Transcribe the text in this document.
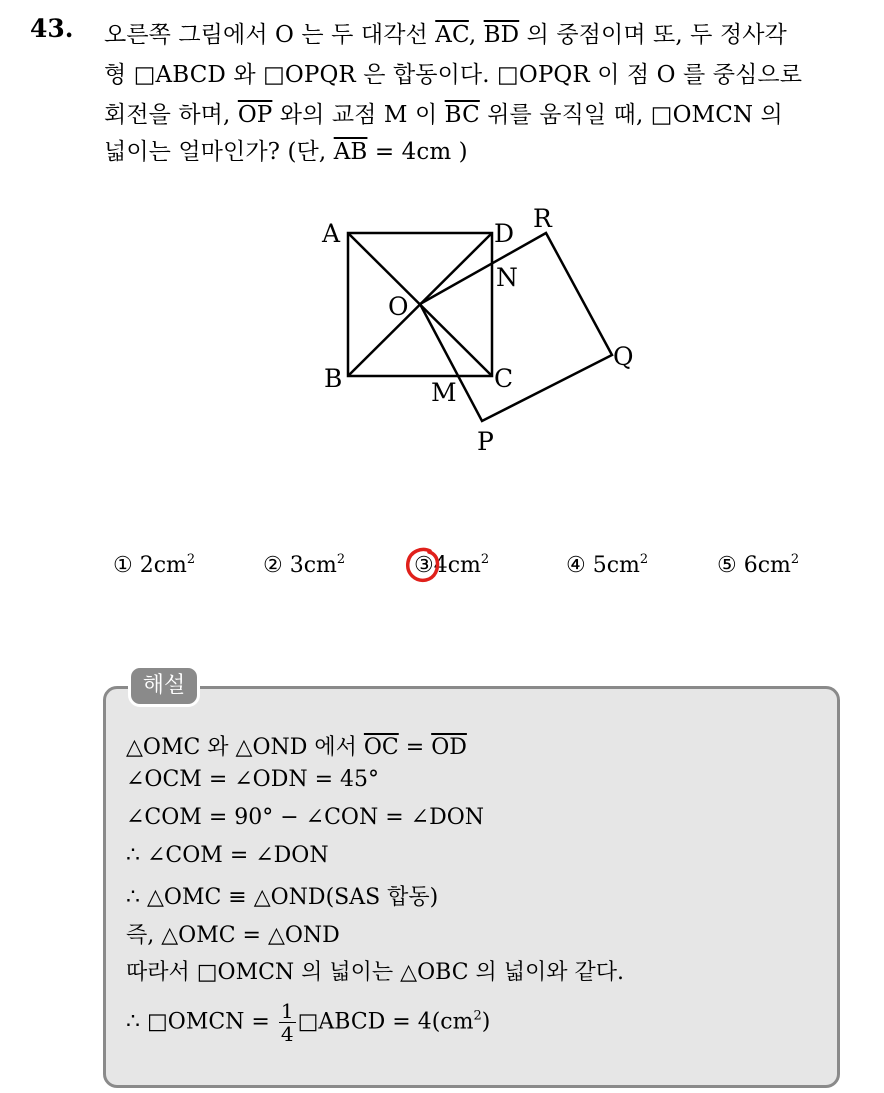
43. 오른쪽 그림에서 O 는 두 대각선 $\overline{AC}$, $\overline{BD}$ 의 중점이며 또, 두 정사각
형 □ABCD 와 □OPQR 은 합동이다. □OPQR 이 점 O 를 중심으로
회전을 하며, $\overline{OP}$ 와의 교점 M 이 $\overline{BC}$ 위를 움직일 때, □OMCN 의
넓이는 얼마인가? (단, $\overline{AB} = 4cm$ )
A	D
R
N
O
Q
B	C
M
P
① $2cm^2$	② $3cm^2$	$③4cm^2$	④ $5cm^2$	⑤ $6cm^2$
해설
△OMC 와 △OND 에서 $\overline{OC} = \overline{OD}$
∠OCM = ∠ODN = 45°
∠COM = 90° − ∠CON = ∠DON
∴ ∠COM = ∠DON
∴ △OMC ≡ △OND(SAS 합동)
즉, △OMC = △OND
따라서 □OMCN 의 넓이는 △OBC 의 넓이와 같다.
∴ □OMCN = $\frac{1}{4}$ □ABCD = $4(cm^2)$
